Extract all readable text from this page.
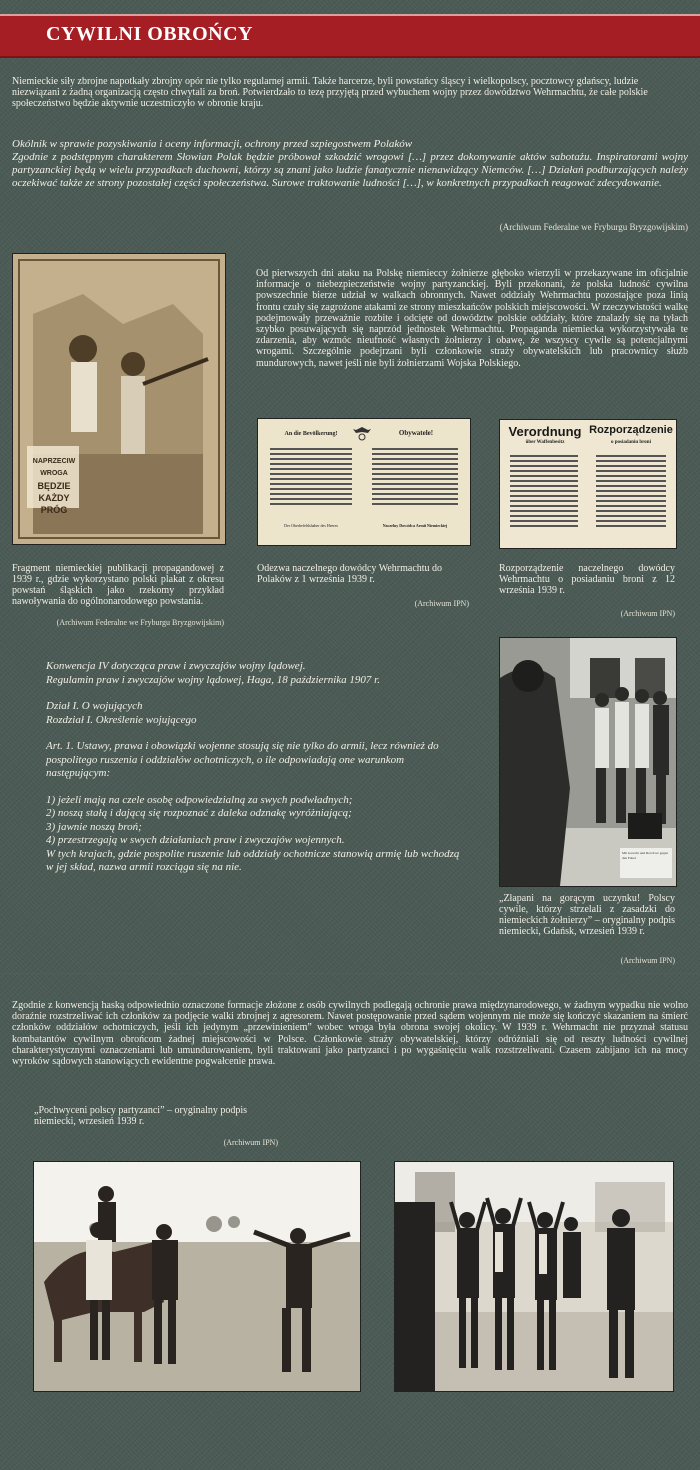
CYWILNI OBROŃCY
Niemieckie siły zbrojne napotkały zbrojny opór nie tylko regularnej armii. Także harcerze, byli powstańcy śląscy i wielkopolscy, pocztowcy gdańscy, ludzie niezwiązani z żadną organizacją często chwytali za broń. Potwierdzało to tezę przyjętą przed wybuchem wojny przez dowództwo Wehrmachtu, że całe polskie społeczeństwo będzie aktywnie uczestniczyło w obronie kraju.
Okólnik w sprawie pozyskiwania i oceny informacji, ochrony przed szpiegostwem Polaków
Zgodnie z podstępnym charakterem Słowian Polak będzie próbował szkodzić wrogowi […] przez dokonywanie aktów sabotażu. Inspiratorami wojny partyzanckiej będą w wielu przypadkach duchowni, którzy są znani jako ludzie fanatycznie nienawidzący Niemców. […] Działań podburzających należy oczekiwać także ze strony pozostałej części społeczeństwa. Surowe traktowanie ludności […], w konkretnych przypadkach reagować zdecydowanie.
(Archiwum Federalne we Fryburgu Bryzgowijskim)
NAPRZECIW WROGA
BĘDZIE
KAŻDY PRÓG
Fragment niemieckiej publikacji propagandowej z 1939 r., gdzie wykorzystano polski plakat z okresu powstań śląskich jako rzekomy przykład nawoływania do ogólnonarodowego powstania.
(Archiwum Federalne we Fryburgu Bryzgowijskim)
Od pierwszych dni ataku na Polskę niemieccy żołnierze głęboko wierzyli w przekazywane im oficjalnie informacje o niebezpieczeństwie wojny partyzanckiej. Byli przekonani, że polska ludność cywilna powszechnie bierze udział w walkach obronnych. Nawet oddziały Wehrmachtu pozostające poza linią frontu czuły się zagrożone atakami ze strony mieszkańców polskich miejscowości. W rzeczywistości walkę podejmowały przeważnie rozbite i odcięte od dowództw polskie oddziały, które znalazły się na tyłach szybko posuwających się naprzód jednostek Wehrmachtu. Propaganda niemiecka wykorzystywała te zdarzenia, aby wzmóc nieufność własnych żołnierzy i obawę, że wszyscy cywile są potencjalnymi wrogami. Szczególnie podejrzani byli członkowie straży obywatelskich lub pracownicy służb mundurowych, nawet jeśli nie byli żołnierzami Wojska Polskiego.
An die Bevölkerung!	Obywatele!
Der Oberbefehlshaber des Heeres	Naczelny Dowódca Armii Niemieckiej
Odezwa naczelnego dowódcy Wehrmachtu do Polaków z 1 września 1939 r.
(Archiwum IPN)
Verordnung
über Waffenbesitz
Rozporządzenie
o posiadaniu broni
Rozporządzenie naczelnego dowódcy Wehrmachtu o posiadaniu broni z 12 września 1939 r.
(Archiwum IPN)
Konwencja IV dotycząca praw i zwyczajów wojny lądowej.
Regulamin praw i zwyczajów wojny lądowej, Haga, 18 października 1907 r.
Dział I. O wojujących
Rozdział I. Określenie wojującego
Art. 1. Ustawy, prawa i obowiązki wojenne stosują się nie tylko do armii, lecz również do pospolitego ruszenia i oddziałów ochotniczych, o ile odpowiadają one warunkom następującym:
1) jeżeli mają na czele osobę odpowiedzialną za swych podwładnych;
2) noszą stałą i dającą się rozpoznać z daleka odznakę wyróżniającą;
3) jawnie noszą broń;
4) przestrzegają w swych działaniach praw i zwyczajów wojennych.
W tych krajach, gdzie pospolite ruszenie lub oddziały ochotnicze stanowią armię lub wchodzą w jej skład, nazwa armii rozciąga się na nie.
Mit Gewehr und Revolver gegen den Feind
„Złapani na gorącym uczynku! Polscy cywile, którzy strzelali z zasadzki do niemieckich żołnierzy” – oryginalny podpis niemiecki, Gdańsk, wrzesień 1939 r.
(Archiwum IPN)
Zgodnie z konwencją haską odpowiednio oznaczone formacje złożone z osób cywilnych podlegają ochronie prawa międzynarodowego, w żadnym wypadku nie wolno doraźnie rozstrzeliwać ich członków za podjęcie walki zbrojnej z agresorem. Nawet postępowanie przed sądem wojennym nie może się kończyć skazaniem na śmierć członków oddziałów ochotniczych, jeśli ich jedynym „przewinieniem” wobec wroga była obrona swojej okolicy. W 1939 r. Wehrmacht nie przyznał statusu kombatantów cywilnym obrońcom żadnej miejscowości w Polsce. Członkowie straży obywatelskiej, którzy odróżniali się od reszty ludności cywilnej charakterystycznymi oznaczeniami lub umundurowaniem, byli traktowani jako partyzanci i po wygaśnięciu walk rozstrzeliwani. Czasem zabijano ich na mocy wyroków sądowych stanowiących ewidentne pogwałcenie prawa.
„Pochwyceni polscy partyzanci” – oryginalny podpis niemiecki, wrzesień 1939 r.
(Archiwum IPN)
